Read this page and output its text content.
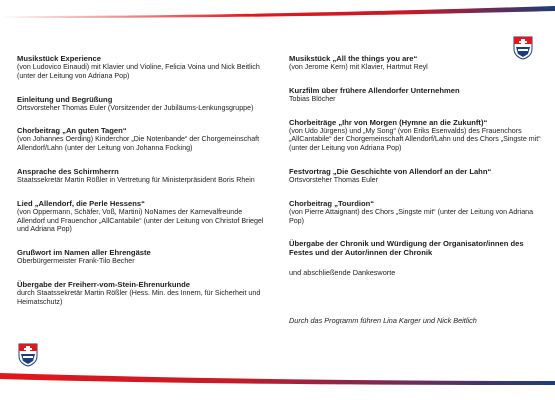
Musikstück Experience
(von Ludovico Einaudi) mit Klavier und Violine, Felicia Voina und Nick Beitlich (unter der Leitung von Adriana Pop)
Einleitung und Begrüßung
Ortsvorsteher Thomas Euler (Vorsitzender der Jubiläums-Lenkungsgruppe)
Chorbeitrag „An guten Tagen“
(von Johannes Oerding) Kinderchor „Die Notenbande“ der Chorgemeinschaft Allendorf/Lahn (unter der Leitung von Johanna Focking)
Ansprache des Schirmherrn
Staatssekretär Martin Rößler in Vertretung für Ministerpräsident Boris Rhein
Lied „Allendorf, die Perle Hessens“
(von Oppermann, Schäfer, Voß, Martini) NoNames der Karnevalfreunde Allendorf und Frauenchor „AllCantabile“ (unter der Leitung von Christof Briegel und Adriana Pop)
Grußwort im Namen aller Ehrengäste
Oberbürgermeister Frank-Tilo Becher
Übergabe der Freiherr-vom-Stein-Ehrenurkunde
durch Staatssekretär Martin Rößler (Hess. Min. des Innern, für Sicherheit und Heimatschutz)
Musikstück „All the things you are“
(von Jerome Kern) mit Klavier, Hartmut Reyl
Kurzfilm über frühere Allendorfer Unternehmen
Tobias Blöcher
Chorbeiträge „Ihr von Morgen (Hymne an die Zukunft)“
(von Udo Jürgens) und „My Song“ (von Eriks Esenvalds) des Frauenchors „AllCantabile“ der Chorgemeinschaft Allendorf/Lahn und des Chors „Singste mit“ (unter der Leitung von Adriana Pop)
Festvortrag „Die Geschichte von Allendorf an der Lahn“
Ortsvorsteher Thomas Euler
Chorbeitrag „Tourdion“
(von Pierre Attaignant) des Chors „Singste mit“ (unter der Leitung von Adriana Pop)
Übergabe der Chronik und Würdigung der Organisator/innen des Festes und der Autor/innen der Chronik
und abschließende Dankesworte
Durch das Programm führen Lina Karger und Nick Beitlich
